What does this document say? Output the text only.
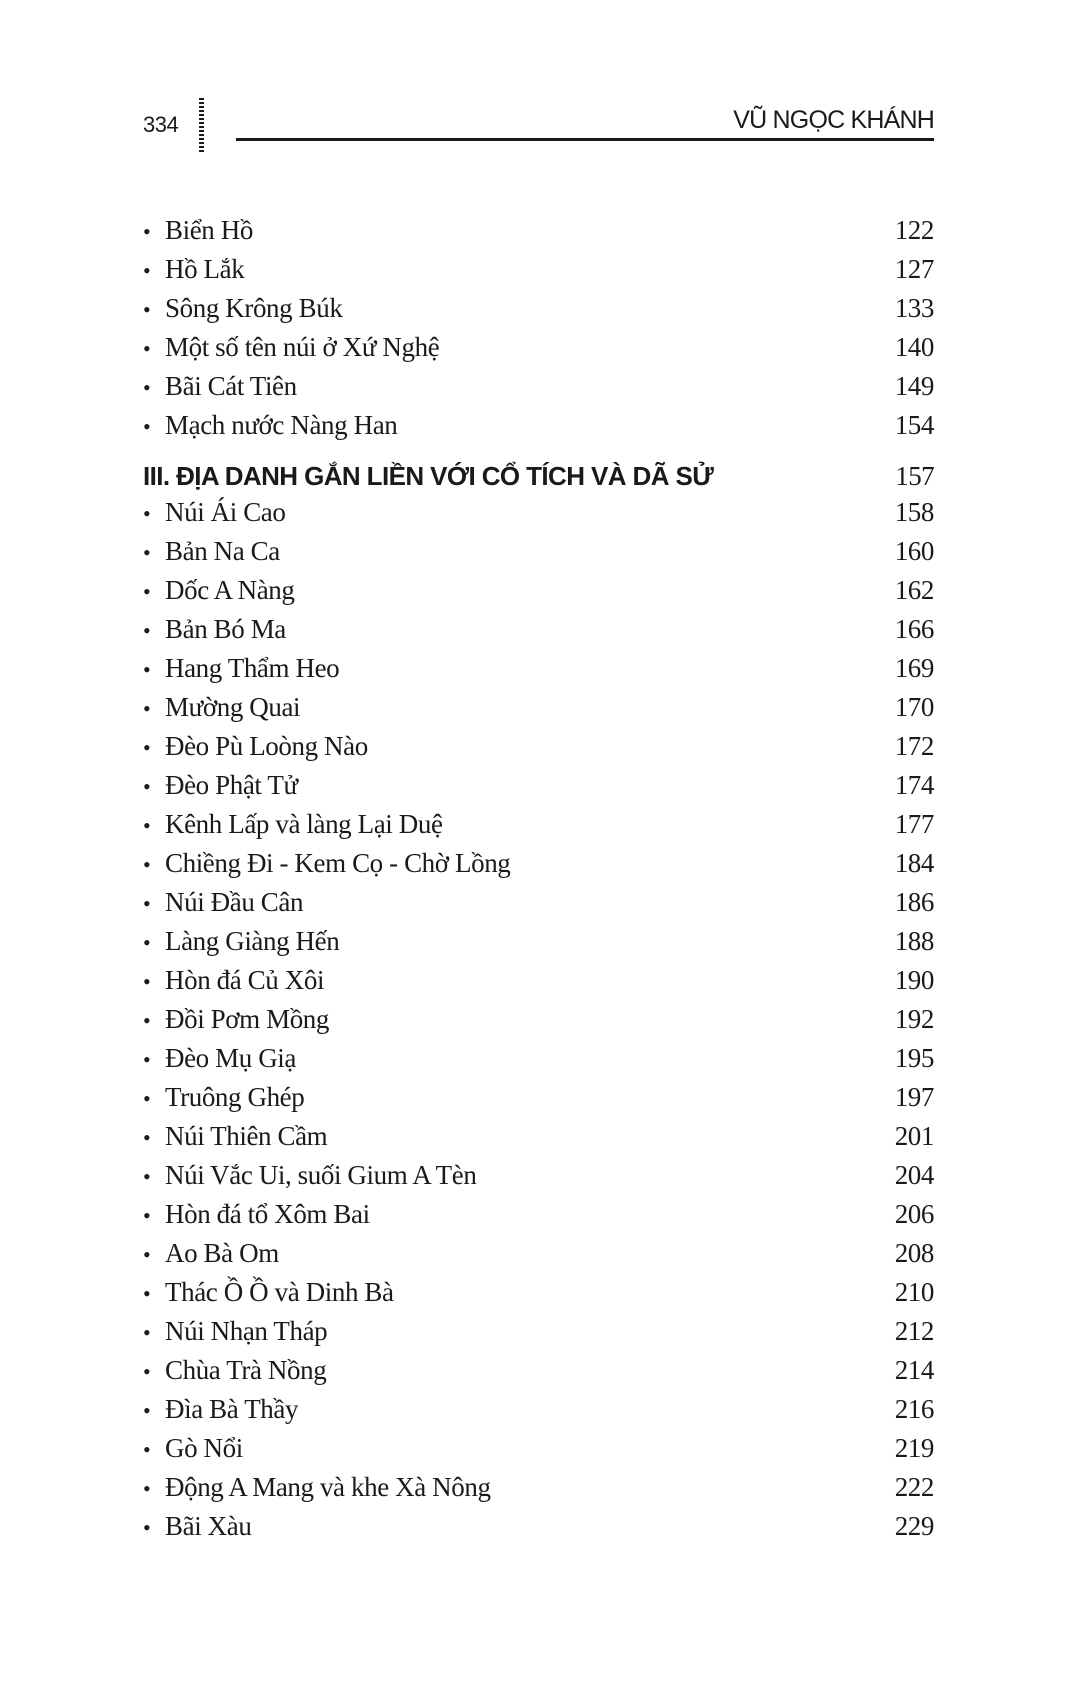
334	VŨ NGỌC KHÁNH
• Biển Hồ	122
• Hồ Lắk	127
• Sông Krông Búk	133
• Một số tên núi ở Xứ Nghệ	140
• Bãi Cát Tiên	149
• Mạch nước Nàng Han	154
III. ĐỊA DANH GẮN LIỀN VỚI CỔ TÍCH VÀ DÃ SỬ	157
• Núi Ái Cao	158
• Bản Na Ca	160
• Dốc A Nàng	162
• Bản Bó Ma	166
• Hang Thẩm Heo	169
• Mường Quai	170
• Đèo Pù Loòng Nào	172
• Đèo Phật Tử	174
• Kênh Lấp và làng Lại Duệ	177
• Chiềng Đi - Kem Cọ - Chờ Lồng	184
• Núi Đầu Cân	186
• Làng Giàng Hến	188
• Hòn đá Củ Xôi	190
• Đồi Pơm Mồng	192
• Đèo Mụ Giạ	195
• Truông Ghép	197
• Núi Thiên Cầm	201
• Núi Vắc Ui, suối Gium A Tèn	204
• Hòn đá tổ Xôm Bai	206
• Ao Bà Om	208
• Thác Ồ Ồ và Dinh Bà	210
• Núi Nhạn Tháp	212
• Chùa Trà Nồng	214
• Đìa Bà Thầy	216
• Gò Nổi	219
• Động A Mang và khe Xà Nông	222
• Bãi Xàu	229
